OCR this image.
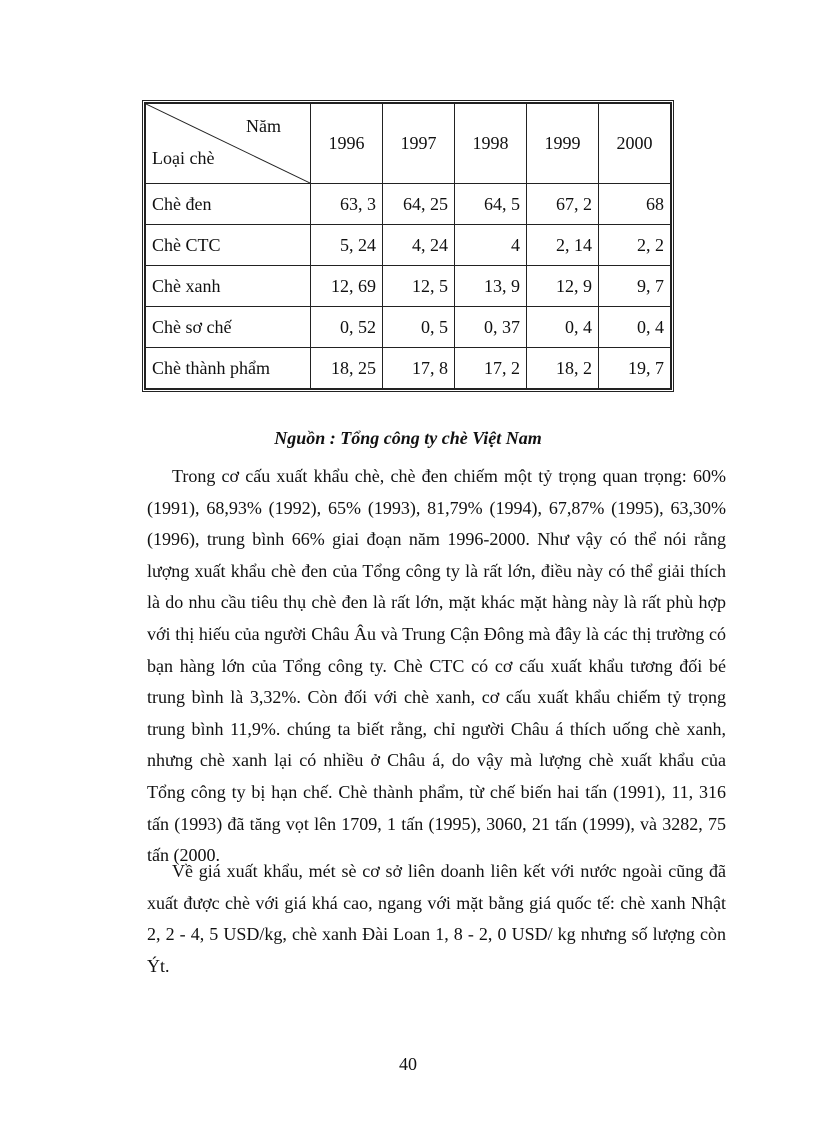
Năm
Loại chè	1996	1997	1998	1999	2000
Chè đen	63, 3	64, 25	64, 5	67, 2	68
Chè CTC	5, 24	4, 24	4	2, 14	2, 2
Chè xanh	12, 69	12, 5	13, 9	12, 9	9, 7
Chè sơ chế	0, 52	0, 5	0, 37	0, 4	0, 4
Chè thành phẩm	18, 25	17, 8	17, 2	18, 2	19, 7
Nguồn : Tổng công ty chè Việt Nam

Trong cơ cấu xuất khẩu chè, chè đen chiếm một tỷ trọng quan trọng: 60% (1991), 68,93% (1992), 65% (1993), 81,79% (1994), 67,87% (1995), 63,30% (1996), trung bình 66% giai đoạn năm 1996-2000. Như vậy có thể nói rằng lượng xuất khẩu chè đen của Tổng công ty là rất lớn, điều này có thể giải thích là do nhu cầu tiêu thụ chè đen là rất lớn, mặt khác mặt hàng này là rất phù hợp với thị hiếu của người Châu Âu và Trung Cận Đông mà đây là các thị trường có bạn hàng lớn của Tổng công ty. Chè CTC có cơ cấu xuất khẩu tương đối bé trung bình là 3,32%. Còn đối với chè xanh, cơ cấu xuất khẩu chiếm tỷ trọng trung bình 11,9%. chúng ta biết rằng, chỉ người Châu á thích uống chè xanh, nhưng chè xanh lại có nhiều ở Châu á, do vậy mà lượng chè xuất khẩu của Tổng công ty bị hạn chế. Chè thành phẩm, từ chế biến hai tấn (1991), 11, 316 tấn (1993) đã tăng vọt lên 1709, 1 tấn (1995), 3060, 21 tấn (1999), và 3282, 75 tấn (2000.

Về giá xuất khẩu, mét sè cơ sở liên doanh liên kết với nước ngoài cũng đã xuất được chè với giá khá cao, ngang với mặt bằng giá quốc tế: chè xanh Nhật 2, 2 - 4, 5 USD/kg, chè xanh Đài Loan 1, 8 - 2, 0 USD/ kg nhưng số lượng còn Ýt.

40
